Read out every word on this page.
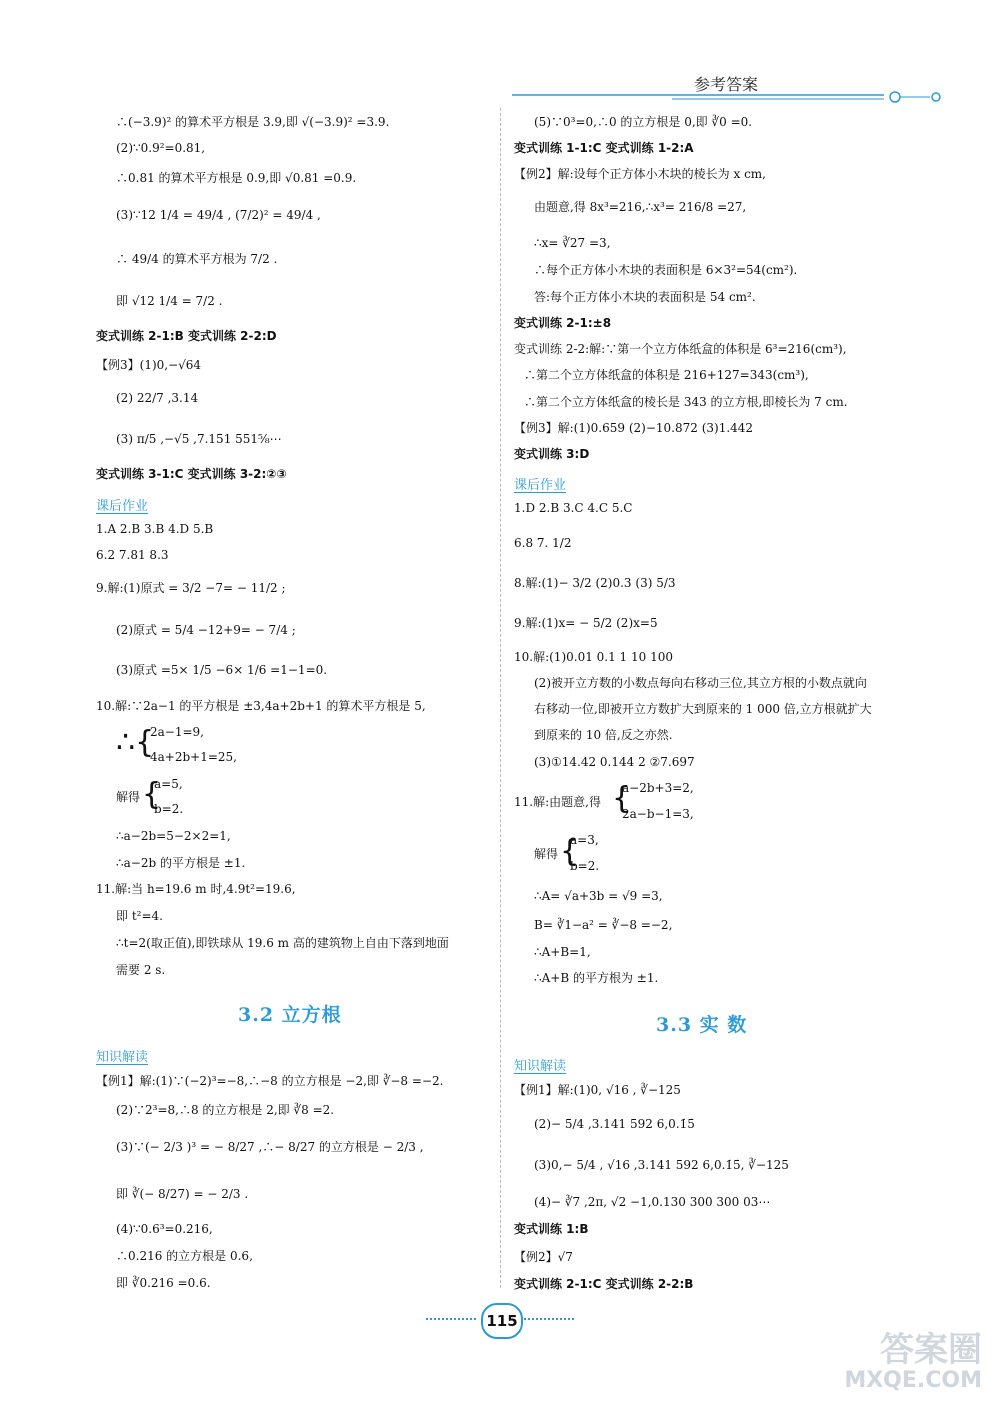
参考答案
∴(−3.9)² 的算术平方根是 3.9,即 √(−3.9)² =3.9.
(2)∵0.9²=0.81,
∴0.81 的算术平方根是 0.9,即 √0.81 =0.9.
(3)∵12 1/4 = 49/4 , (7/2)² = 49/4 ,
∴ 49/4 的算术平方根为 7/2 .
即 √12 1/4 = 7/2 .
变式训练 2-1:B 变式训练 2-2:D
【例3】(1)0,−√64
(2) 22/7 ,3.14
(3) π/5 ,−√5 ,7.151 551⅝⋯
变式训练 3-1:C 变式训练 3-2:②③
课后作业
1.A 2.B 3.B 4.D 5.B
6.2 7.81 8.3
9.解:(1)原式 = 3/2 −7= − 11/2 ;
(2)原式 = 5/4 −12+9= − 7/4 ;
(3)原式 =5× 1/5 −6× 1/6 =1−1=0.
10.解:∵2a−1 的平方根是 ±3,4a+2b+1 的算术平方根是 5,
∴{
2a−1=9,
4a+2b+1=25,
解得 {
a=5,
b=2.
∴a−2b=5−2×2=1,
∴a−2b 的平方根是 ±1.
11.解:当 h=19.6 m 时,4.9t²=19.6,
即 t²=4.
∴t=2(取正值),即铁球从 19.6 m 高的建筑物上自由下落到地面
需要 2 s.
3.2 立方根
知识解读
【例1】解:(1)∵(−2)³=−8,∴−8 的立方根是 −2,即 ∛−8 =−2.
(2)∵2³=8,∴8 的立方根是 2,即 ∛8 =2.
(3)∵(− 2/3 )³ = − 8/27 ,∴− 8/27 的立方根是 − 2/3 ,
即 ∛(− 8/27) = − 2/3 .
(4)∵0.6³=0.216,
∴0.216 的立方根是 0.6,
即 ∛0.216 =0.6.
(5)∵0³=0,∴0 的立方根是 0,即 ∛0 =0.
变式训练 1-1:C 变式训练 1-2:A
【例2】解:设每个正方体小木块的棱长为 x cm,
由题意,得 8x³=216,∴x³= 216/8 =27,
∴x= ∛27 =3,
∴每个正方体小木块的表面积是 6×3²=54(cm²).
答:每个正方体小木块的表面积是 54 cm².
变式训练 2-1:±8
变式训练 2-2:解:∵第一个立方体纸盒的体积是 6³=216(cm³),
∴第二个立方体纸盒的体积是 216+127=343(cm³),
∴第二个立方体纸盒的棱长是 343 的立方根,即棱长为 7 cm.
【例3】解:(1)0.659 (2)−10.872 (3)1.442
变式训练 3:D
课后作业
1.D 2.B 3.C 4.C 5.C
6.8 7. 1/2
8.解:(1)− 3/2 (2)0.3 (3) 5/3
9.解:(1)x= − 5/2 (2)x=5
10.解:(1)0.01 0.1 1 10 100
(2)被开立方数的小数点每向右移动三位,其立方根的小数点就向
右移动一位,即被开立方数扩大到原来的 1 000 倍,立方根就扩大
到原来的 10 倍,反之亦然.
(3)①14.42 0.144 2 ②7.697
11.解:由题意,得 {
a−2b+3=2,
2a−b−1=3,
解得 {
a=3,
b=2.
∴A= √a+3b = √9 =3,
B= ∛1−a² = ∛−8 =−2,
∴A+B=1,
∴A+B 的平方根为 ±1.
3.3 实 数
知识解读
【例1】解:(1)0, √16 , ∛−125
(2)− 5/4 ,3.141 592 6,0.1̇5̇
(3)0,− 5/4 , √16 ,3.141 592 6,0.1̇5̇, ∛−125
(4)− ∛7 ,2π, √2 −1,0.130 300 300 03⋯
变式训练 1:B
【例2】√7
变式训练 2-1:C 变式训练 2-2:B
115
答案圈
MXQE.COM
